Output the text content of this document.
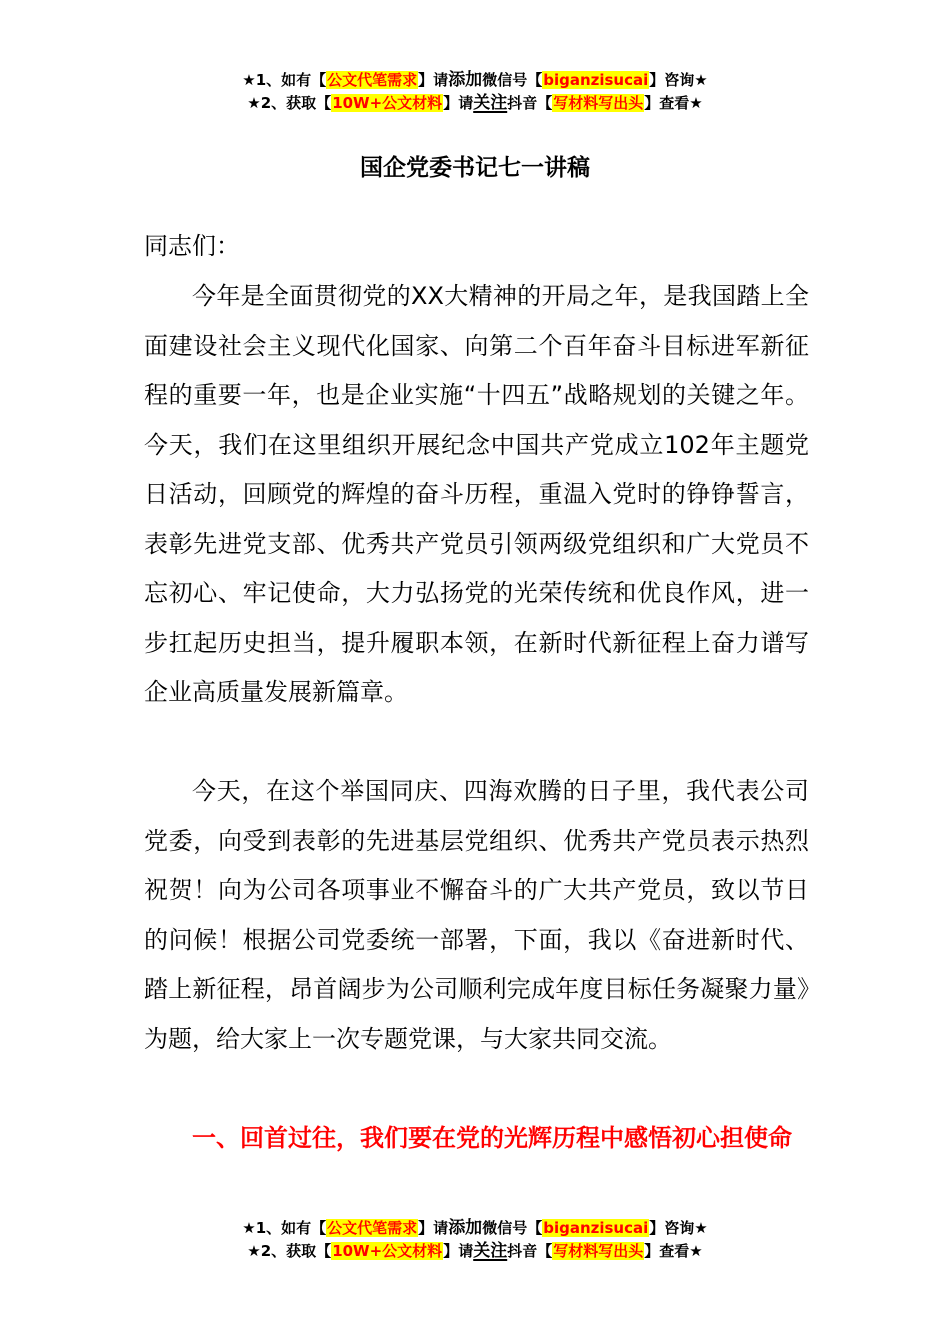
★1、如有【公文代笔需求】请添加微信号【biganzisucai】咨询★
★2、获取【10W+公文材料】请关注抖音【写材料写出头】查看★
国企党委书记七一讲稿
同志们：
今年是全面贯彻党的XX大精神的开局之年，是我国踏上全面建设社会主义现代化国家、向第二个百年奋斗目标进军新征程的重要一年，也是企业实施“十四五”战略规划的关键之年。今天，我们在这里组织开展纪念中国共产党成立102年主题党日活动，回顾党的辉煌的奋斗历程，重温入党时的铮铮誓言，表彰先进党支部、优秀共产党员引领两级党组织和广大党员不忘初心、牢记使命，大力弘扬党的光荣传统和优良作风，进一步扛起历史担当，提升履职本领，在新时代新征程上奋力谱写企业高质量发展新篇章。
今天，在这个举国同庆、四海欢腾的日子里，我代表公司党委，向受到表彰的先进基层党组织、优秀共产党员表示热烈祝贺！向为公司各项事业不懈奋斗的广大共产党员，致以节日的问候！根据公司党委统一部署，下面，我以《奋进新时代、踏上新征程，昂首阔步为公司顺利完成年度目标任务凝聚力量》为题，给大家上一次专题党课，与大家共同交流。
一、回首过往，我们要在党的光辉历程中感悟初心担使命
★1、如有【公文代笔需求】请添加微信号【biganzisucai】咨询★
★2、获取【10W+公文材料】请关注抖音【写材料写出头】查看★
